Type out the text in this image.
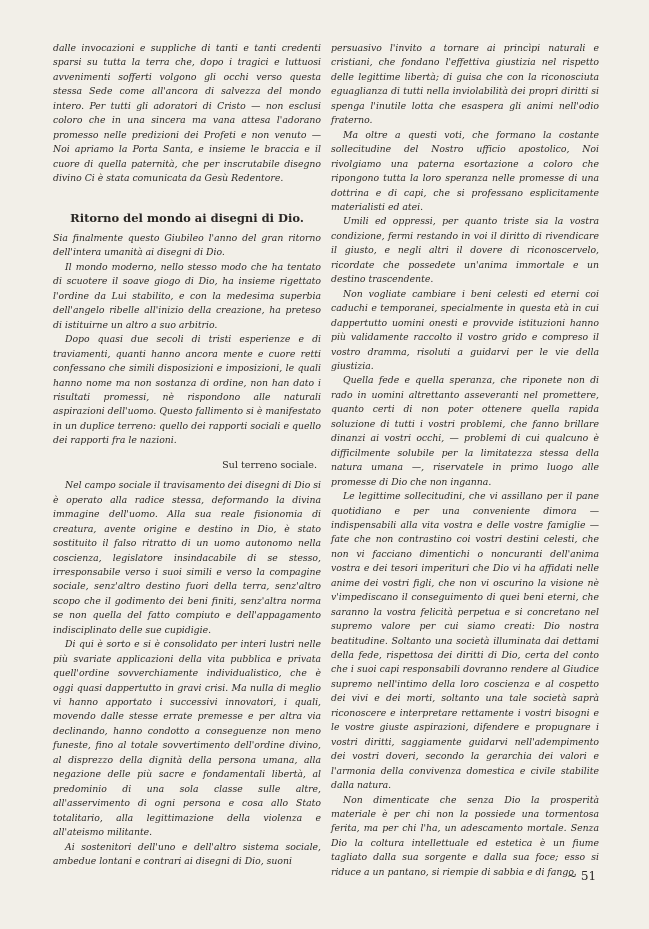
dalle invocazioni e suppliche di tanti e tanti credenti sparsi su tutta la terra che, dopo i tragici e luttuosi avvenimenti sofferti volgono gli occhi verso questa stessa Sede come all'ancora di salvezza del mondo intero. Per tutti gli adoratori di Cristo — non esclusi coloro che in una sincera ma vana attesa l'adorano promesso nelle predizioni dei Profeti e non venuto — Noi apriamo la Porta Santa, e insieme le braccia e il cuore di quella paternità, che per inscrutabile disegno divino Ci è stata comunicata da Gesù Redentore.

Ritorno del mondo ai disegni di Dio.

Sia finalmente questo Giubileo l'anno del gran ritorno dell'intera umanità ai disegni di Dio.

Il mondo moderno, nello stesso modo che ha tentato di scuotere il soave giogo di Dio, ha insieme rigettato l'ordine da Lui stabilito, e con la medesima superbia dell'angelo ribelle all'inizio della creazione, ha preteso di istituirne un altro a suo arbitrio.

Dopo quasi due secoli di tristi esperienze e di traviamenti, quanti hanno ancora mente e cuore retti confessano che simili disposizioni e imposizioni, le quali hanno nome ma non sostanza di ordine, non han dato i risultati promessi, nè rispondono alle naturali aspirazioni dell'uomo. Questo fallimento si è manifestato in un duplice terreno: quello dei rapporti sociali e quello dei rapporti fra le nazioni.

Sul terreno sociale.

Nel campo sociale il travisamento dei disegni di Dio si è operato alla radice stessa, deformando la divina immagine dell'uomo. Alla sua reale fisionomia di creatura, avente origine e destino in Dio, è stato sostituito il falso ritratto di un uomo autonomo nella coscienza, legislatore insindacabile di se stesso, irresponsabile verso i suoi simili e verso la compagine sociale, senz'altro destino fuori della terra, senz'altro scopo che il godimento dei beni finiti, senz'altra norma se non quella del fatto compiuto e dell'appagamento indisciplinato delle sue cupidigie.

Di qui è sorto e si è consolidato per interi lustri nelle più svariate applicazioni della vita pubblica e privata quell'ordine sovverchiamente individualistico, che è oggi quasi dappertutto in gravi crisi. Ma nulla di meglio vi hanno apportato i successivi innovatori, i quali, movendo dalle stesse errate premesse e per altra via declinando, hanno condotto a conseguenze non meno funeste, fino al totale sovvertimento dell'ordine divino, al disprezzo della dignità della persona umana, alla negazione delle più sacre e fondamentali libertà, al predominio di una sola classe sulle altre, all'asservimento di ogni persona e cosa allo Stato totalitario, alla legittimazione della violenza e all'ateismo militante.

Ai sostenitori dell'uno e dell'altro sistema sociale, ambedue lontani e contrari ai disegni di Dio, suoni

persuasivo l'invito a tornare ai princìpi naturali e cristiani, che fondano l'effettiva giustizia nel rispetto delle legittime libertà; di guisa che con la riconosciuta eguaglianza di tutti nella inviolabilità dei propri diritti si spenga l'inutile lotta che esaspera gli animi nell'odio fraterno.

Ma oltre a questi voti, che formano la costante sollecitudine del Nostro ufficio apostolico, Noi rivolgiamo una paterna esortazione a coloro che ripongono tutta la loro speranza nelle promesse di una dottrina e di capi, che si professano esplicitamente materialisti ed atei.

Umili ed oppressi, per quanto triste sia la vostra condizione, fermi restando in voi il diritto di rivendicare il giusto, e negli altri il dovere di riconoscervelo, ricordate che possedete un'anima immortale e un destino trascendente.

Non vogliate cambiare i beni celesti ed eterni coi caduchi e temporanei, specialmente in questa età in cui dappertutto uomini onesti e provvide istituzioni hanno più validamente raccolto il vostro grido e compreso il vostro dramma, risoluti a guidarvi per le vie della giustizia.

Quella fede e quella speranza, che riponete non di rado in uomini altrettanto asseveranti nel promettere, quanto certi di non poter ottenere quella rapida soluzione di tutti i vostri problemi, che fanno brillare dinanzi ai vostri occhi, — problemi di cui qualcuno è difficilmente solubile per la limitatezza stessa della natura umana —, riservatele in primo luogo alle promesse di Dio che non inganna.

Le legittime sollecitudini, che vi assillano per il pane quotidiano e per una conveniente dimora — indispensabili alla vita vostra e delle vostre famiglie — fate che non contrastino coi vostri destini celesti, che non vi facciano dimentichi o noncuranti dell'anima vostra e dei tesori imperituri che Dio vi ha affidati nelle anime dei vostri figli, che non vi oscurino la visione nè v'impediscano il conseguimento di quei beni eterni, che saranno la vostra felicità perpetua e si concretano nel supremo valore per cui siamo creati: Dio nostra beatitudine. Soltanto una società illuminata dai dettami della fede, rispettosa dei diritti di Dio, certa del conto che i suoi capi responsabili dovranno rendere al Giudice supremo nell'intimo della loro coscienza e al cospetto dei vivi e dei morti, soltanto una tale società saprà riconoscere e interpretare rettamente i vostri bisogni e le vostre giuste aspirazioni, difendere e propugnare i vostri diritti, saggiamente guidarvi nell'adempimento dei vostri doveri, secondo la gerarchia dei valori e l'armonia della convivenza domestica e civile stabilite dalla natura.

Non dimenticate che senza Dio la prosperità materiale è per chi non la possiede una tormentosa ferita, ma per chi l'ha, un adescamento mortale. Senza Dio la coltura intellettuale ed estetica è un fiume tagliato dalla sua sorgente e dalla sua foce; esso si riduce a un pantano, si riempie di sabbia e di fango.

~ 51
